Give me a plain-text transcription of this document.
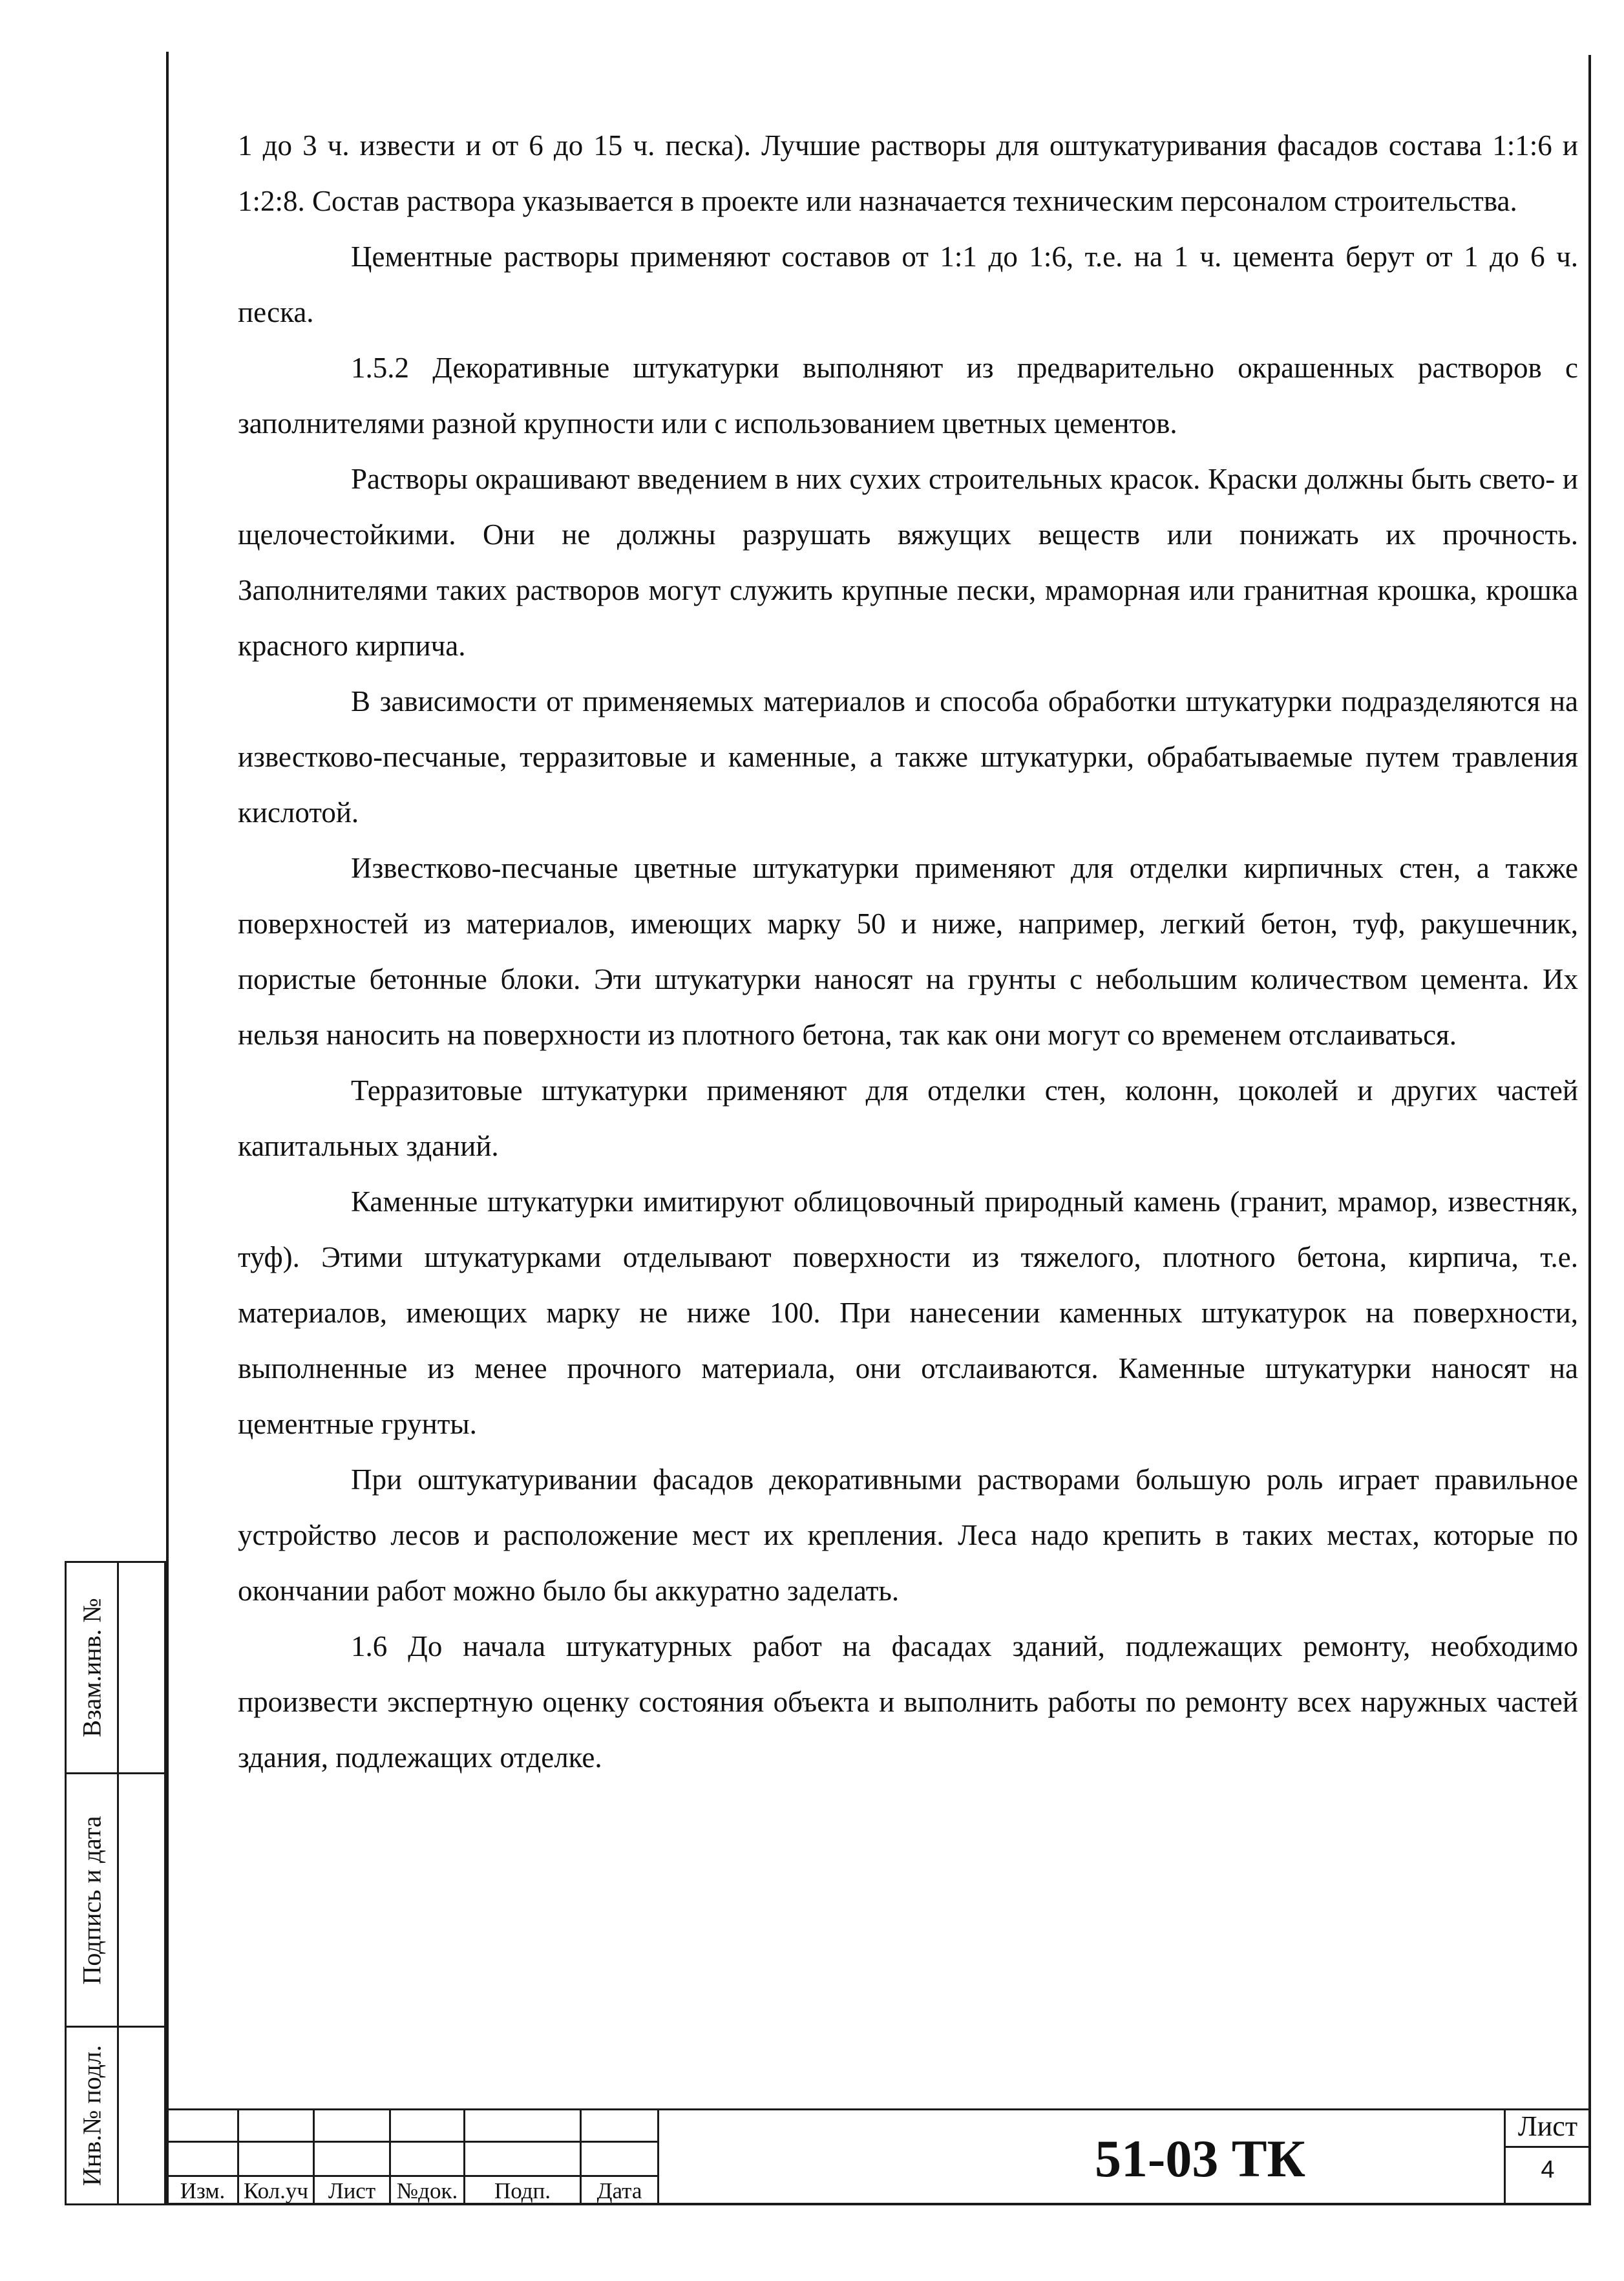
1 до 3 ч. извести и от 6 до 15 ч. песка). Лучшие растворы для оштукатуривания фасадов состава 1:1:6 и 1:2:8. Состав раствора указывается в проекте или назначается техническим персоналом строительства.

Цементные растворы применяют составов от 1:1 до 1:6, т.е. на 1 ч. цемента берут от 1 до 6 ч. песка.

1.5.2 Декоративные штукатурки выполняют из предварительно окрашенных растворов с заполнителями разной крупности или с использованием цветных цементов.

Растворы окрашивают введением в них сухих строительных красок. Краски должны быть свето- и щелочестойкими. Они не должны разрушать вяжущих веществ или понижать их прочность. Заполнителями таких растворов могут служить крупные пески, мраморная или гранитная крошка, крошка красного кирпича.

В зависимости от применяемых материалов и способа обработки штукатурки подразделяются на известково-песчаные, терразитовые и каменные, а также штукатурки, обрабатываемые путем травления кислотой.

Известково-песчаные цветные штукатурки применяют для отделки кирпичных стен, а также поверхностей из материалов, имеющих марку 50 и ниже, например, легкий бетон, туф, ракушечник, пористые бетонные блоки. Эти штукатурки наносят на грунты с небольшим количеством цемента. Их нельзя наносить на поверхности из плотного бетона, так как они могут со временем отслаиваться.

Терразитовые штукатурки применяют для отделки стен, колонн, цоколей и других частей капитальных зданий.

Каменные штукатурки имитируют облицовочный природный камень (гранит, мрамор, известняк, туф). Этими штукатурками отделывают поверхности из тяжелого, плотного бетона, кирпича, т.е. материалов, имеющих марку не ниже 100. При нанесении каменных штукатурок на поверхности, выполненные из менее прочного материала, они отслаиваются. Каменные штукатурки наносят на цементные грунты.

При оштукатуривании фасадов декоративными растворами большую роль играет правильное устройство лесов и расположение мест их крепления. Леса надо крепить в таких местах, которые по окончании работ можно было бы аккуратно заделать.

1.6 До начала штукатурных работ на фасадах зданий, подлежащих ремонту, необходимо произвести экспертную оценку состояния объекта и выполнить работы по ремонту всех наружных частей здания, подлежащих отделке.

Взам.инв. №
Подпись и дата
Инв.№ подл.
Изм. Кол.уч Лист №док.	Подп.	Дата
51-03 ТК
Лист
4
